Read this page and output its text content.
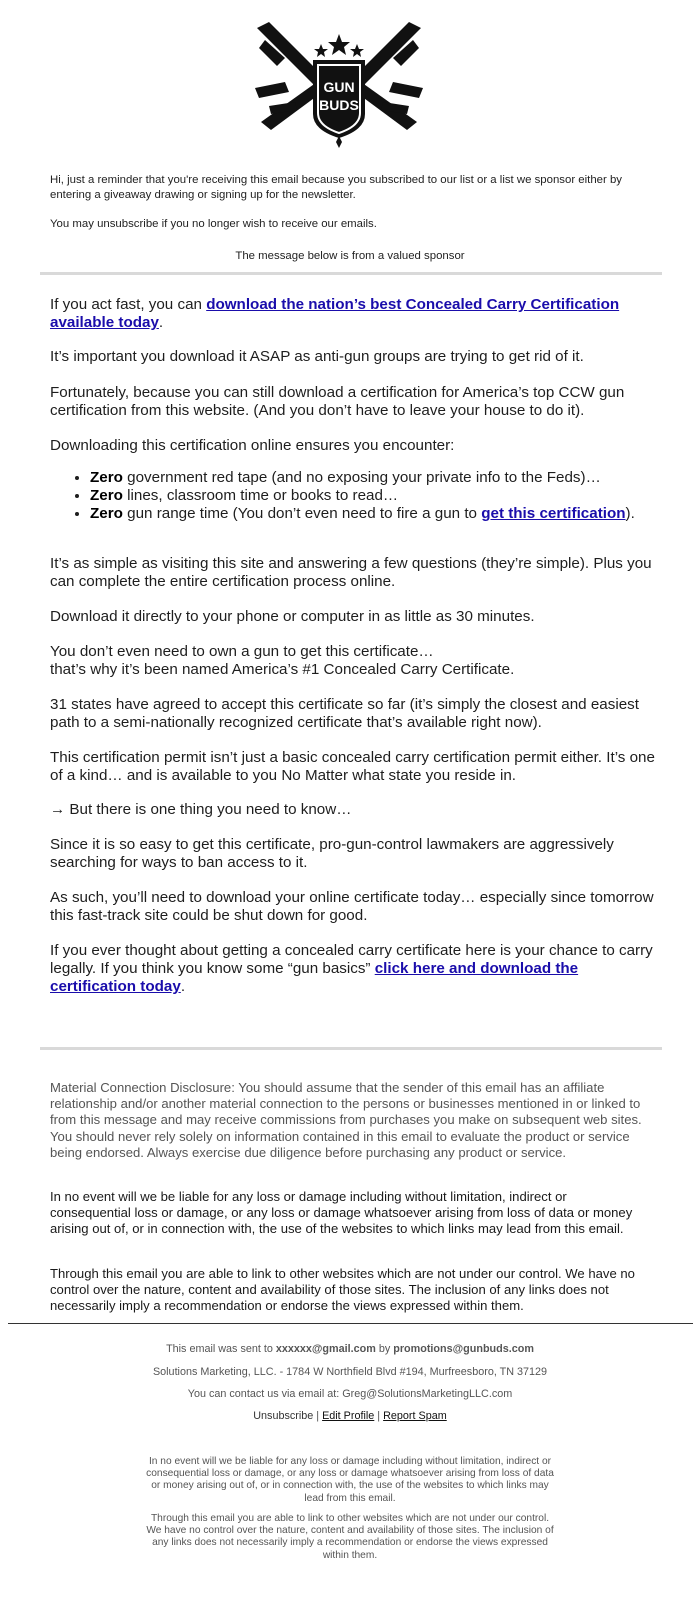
GUN
BUDS
Hi, just a reminder that you're receiving this email because you subscribed to our list or a list we sponsor either by entering a giveaway drawing or signing up for the newsletter.
You may unsubscribe if you no longer wish to receive our emails.
The message below is from a valued sponsor

If you act fast, you can download the nation’s best Concealed Carry Certification available today.

It’s important you download it ASAP as anti-gun groups are trying to get rid of it.

Fortunately, because you can still download a certification for America’s top CCW gun certification from this website. (And you don’t have to leave your house to do it).

Downloading this certification online ensures you encounter:

• Zero government red tape (and no exposing your private info to the Feds)…
• Zero lines, classroom time or books to read…
• Zero gun range time (You don’t even need to fire a gun to get this certification).

It’s as simple as visiting this site and answering a few questions (they’re simple). Plus you can complete the entire certification process online.

Download it directly to your phone or computer in as little as 30 minutes.

You don’t even need to own a gun to get this certificate…
that’s why it’s been named America’s #1 Concealed Carry Certificate.

31 states have agreed to accept this certificate so far (it’s simply the closest and easiest path to a semi-nationally recognized certificate that’s available right now).

This certification permit isn’t just a basic concealed carry certification permit either. It’s one of a kind… and is available to you No Matter what state you reside in.

→ But there is one thing you need to know…

Since it is so easy to get this certificate, pro-gun-control lawmakers are aggressively searching for ways to ban access to it.

As such, you’ll need to download your online certificate today… especially since tomorrow this fast-track site could be shut down for good.

If you ever thought about getting a concealed carry certificate here is your chance to carry legally. If you think you know some “gun basics” click here and download the certification today.

Material Connection Disclosure: You should assume that the sender of this email has an affiliate relationship and/or another material connection to the persons or businesses mentioned in or linked to from this message and may receive commissions from purchases you make on subsequent web sites. You should never rely solely on information contained in this email to evaluate the product or service being endorsed. Always exercise due diligence before purchasing any product or service.

In no event will we be liable for any loss or damage including without limitation, indirect or consequential loss or damage, or any loss or damage whatsoever arising from loss of data or money arising out of, or in connection with, the use of the websites to which links may lead from this email.

Through this email you are able to link to other websites which are not under our control. We have no control over the nature, content and availability of those sites. The inclusion of any links does not necessarily imply a recommendation or endorse the views expressed within them.

This email was sent to xxxxxx@gmail.com by promotions@gunbuds.com
Solutions Marketing, LLC. - 1784 W Northfield Blvd #194, Murfreesboro, TN 37129
You can contact us via email at: Greg@SolutionsMarketingLLC.com
Unsubscribe | Edit Profile | Report Spam

In no event will we be liable for any loss or damage including without limitation, indirect or consequential loss or damage, or any loss or damage whatsoever arising from loss of data or money arising out of, or in connection with, the use of the websites to which links may lead from this email.

Through this email you are able to link to other websites which are not under our control. We have no control over the nature, content and availability of those sites. The inclusion of any links does not necessarily imply a recommendation or endorse the views expressed within them.
